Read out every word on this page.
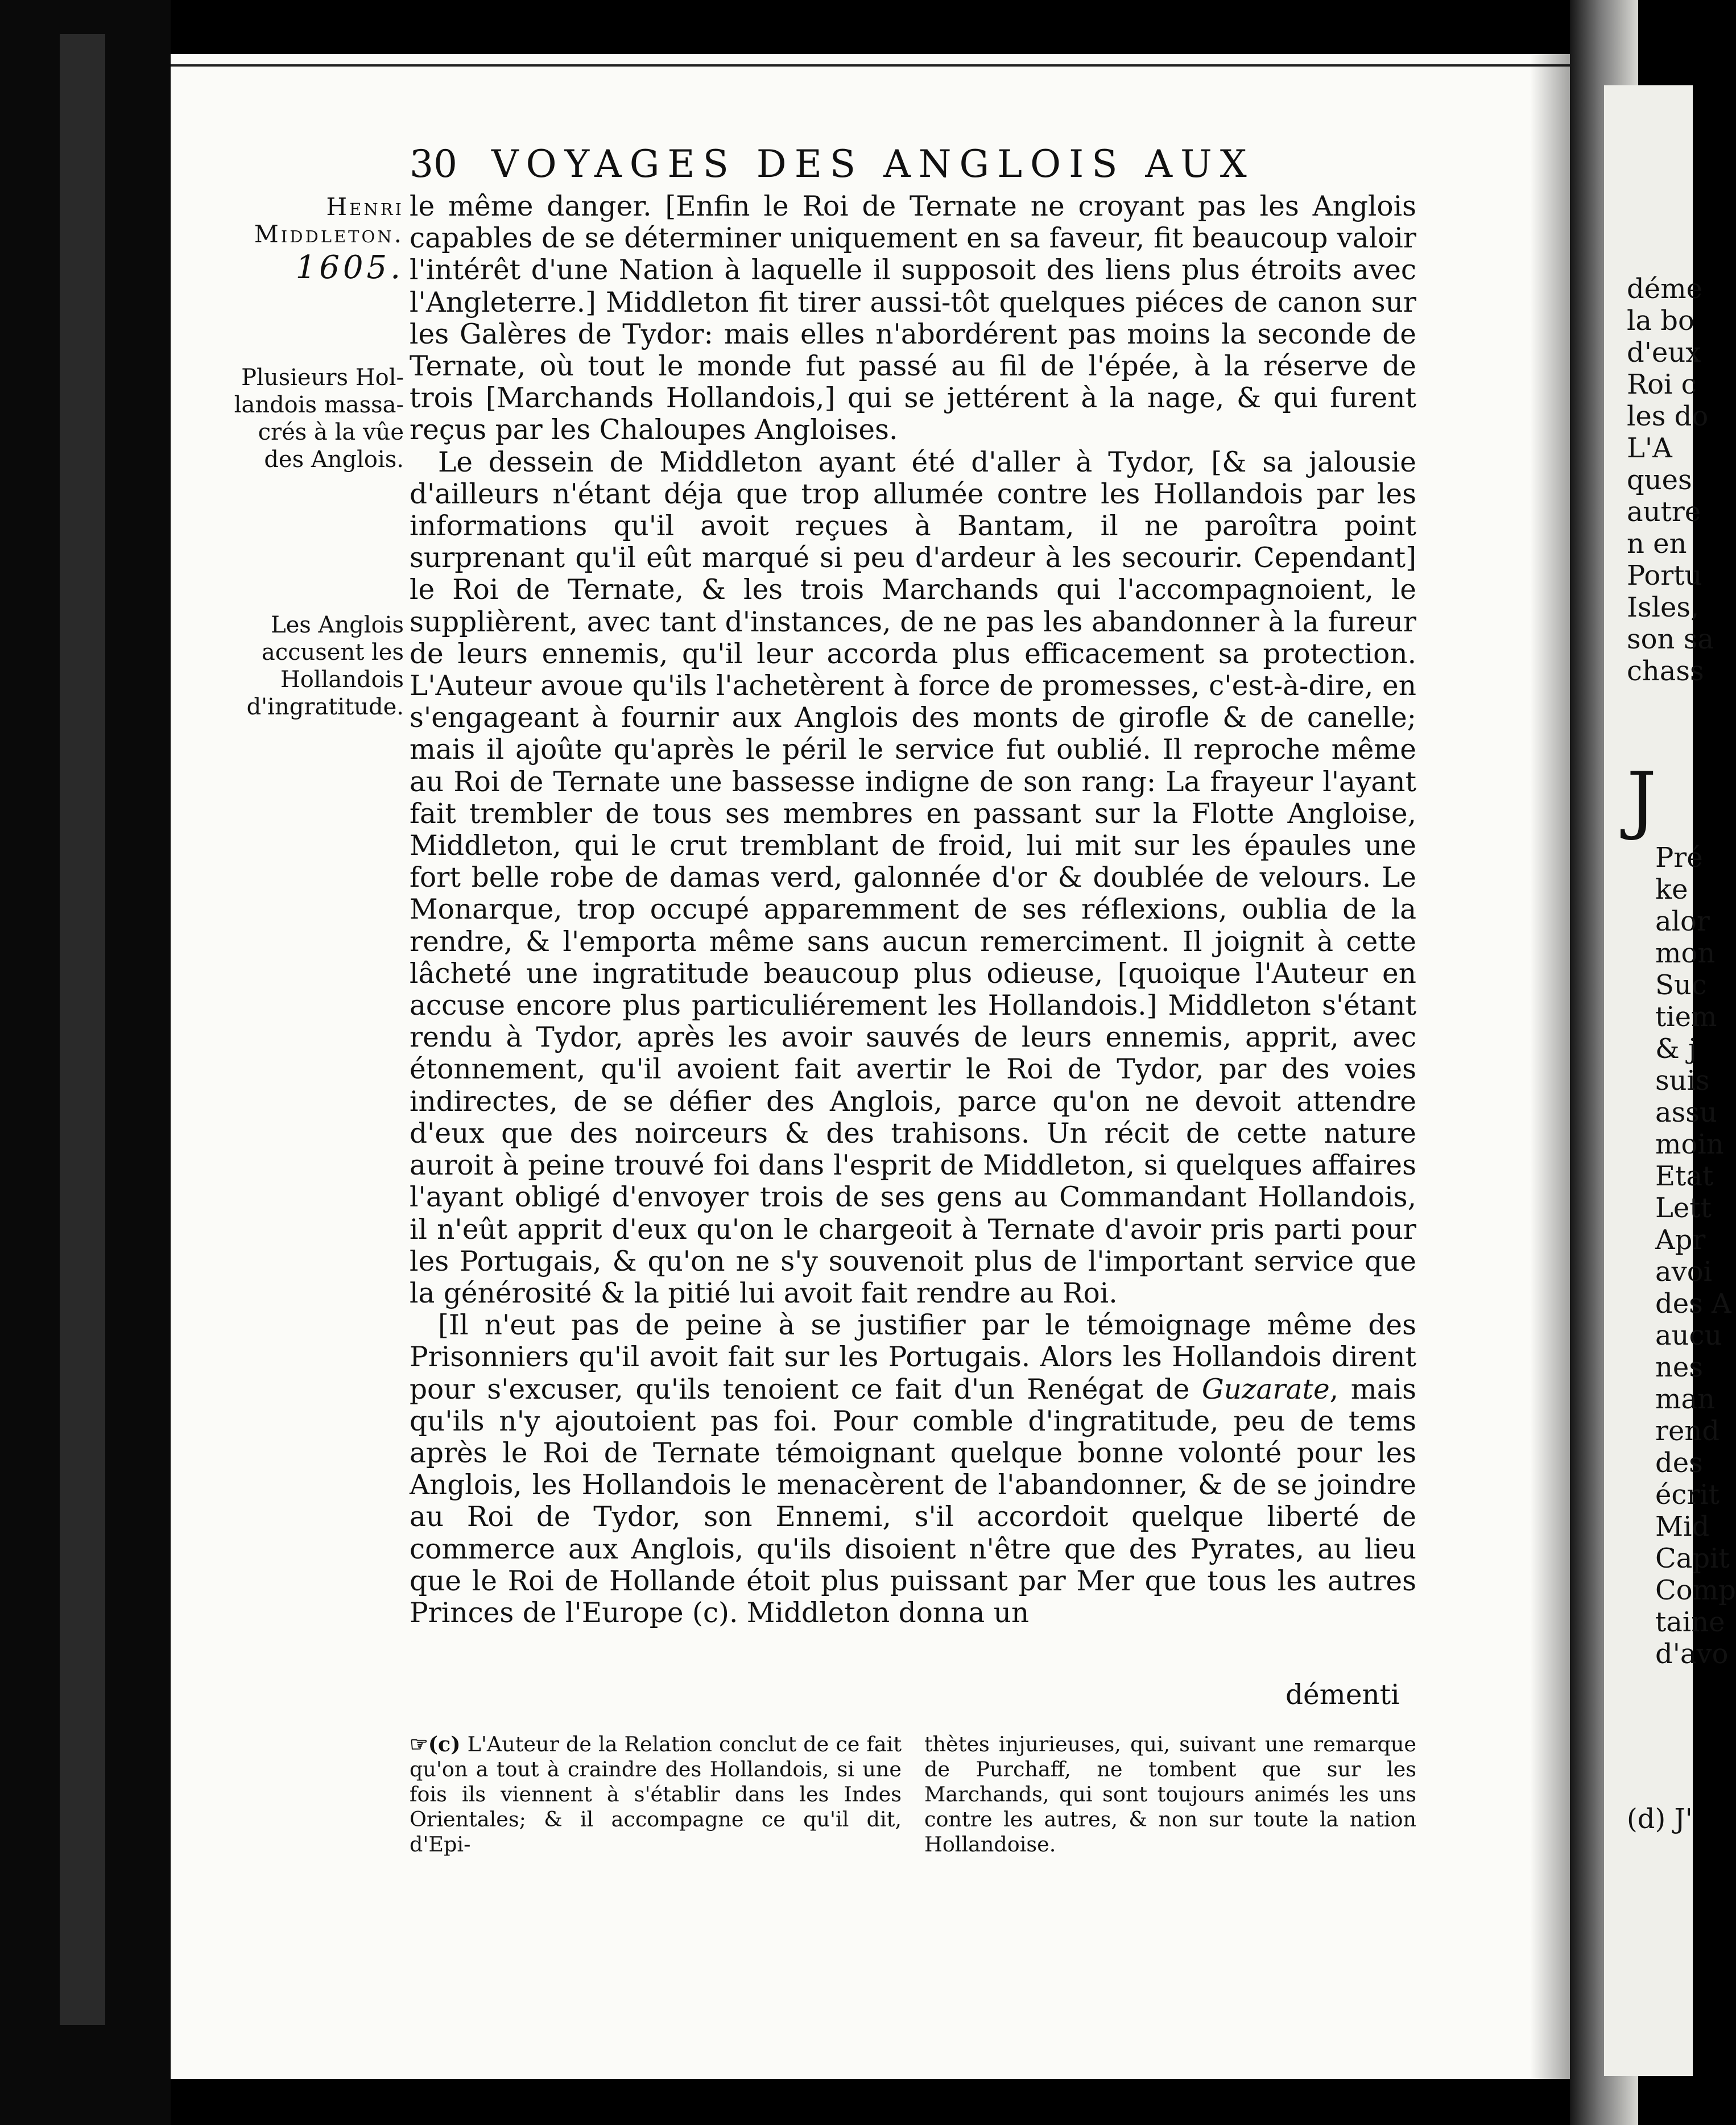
30 VOYAGES DES ANGLOIS AUX
Henri
Middleton.
1605.
Plusieurs Hol-
landois massa-
crés à la vûe
des Anglois.
Les Anglois
accusent les
Hollandois
d'ingratitude.

le même danger. [Enfin le Roi de Ternate ne croyant pas les Anglois capables de se déterminer uniquement en sa faveur, fit beaucoup valoir l'intérêt d'une Nation à laquelle il supposoit des liens plus étroits avec l'Angleterre.] Middleton fit tirer aussi-tôt quelques piéces de canon sur les Galères de Tydor: mais elles n'abordérent pas moins la seconde de Ternate, où tout le monde fut passé au fil de l'épée, à la réserve de trois [Marchands Hollandois,] qui se jettérent à la nage, & qui furent reçus par les Chaloupes Angloises.

Le dessein de Middleton ayant été d'aller à Tydor, [& sa jalousie d'ailleurs n'étant déja que trop allumée contre les Hollandois par les informations qu'il avoit reçues à Bantam, il ne paroîtra point surprenant qu'il eût marqué si peu d'ardeur à les secourir. Cependant] le Roi de Ternate, & les trois Marchands qui l'accompagnoient, le supplièrent, avec tant d'instances, de ne pas les abandonner à la fureur de leurs ennemis, qu'il leur accorda plus efficacement sa protection. L'Auteur avoue qu'ils l'achetèrent à force de promesses, c'est-à-dire, en s'engageant à fournir aux Anglois des monts de girofle & de canelle; mais il ajoûte qu'après le péril le service fut oublié. Il reproche même au Roi de Ternate une bassesse indigne de son rang: La frayeur l'ayant fait trembler de tous ses membres en passant sur la Flotte Angloise, Middleton, qui le crut tremblant de froid, lui mit sur les épaules une fort belle robe de damas verd, galonnée d'or & doublée de velours. Le Monarque, trop occupé apparemment de ses réflexions, oublia de la rendre, & l'emporta même sans aucun remerciment. Il joignit à cette lâcheté une ingratitude beaucoup plus odieuse, [quoique l'Auteur en accuse encore plus particuliérement les Hollandois.] Middleton s'étant rendu à Tydor, après les avoir sauvés de leurs ennemis, apprit, avec étonnement, qu'il avoient fait avertir le Roi de Tydor, par des voies indirectes, de se défier des Anglois, parce qu'on ne devoit attendre d'eux que des noirceurs & des trahisons. Un récit de cette nature auroit à peine trouvé foi dans l'esprit de Middleton, si quelques affaires l'ayant obligé d'envoyer trois de ses gens au Commandant Hollandois, il n'eût apprit d'eux qu'on le chargeoit à Ternate d'avoir pris parti pour les Portugais, & qu'on ne s'y souvenoit plus de l'important service que la générosité & la pitié lui avoit fait rendre au Roi.

[Il n'eut pas de peine à se justifier par le témoignage même des Prisonniers qu'il avoit fait sur les Portugais. Alors les Hollandois dirent pour s'excuser, qu'ils tenoient ce fait d'un Renégat de Guzarate, mais qu'ils n'y ajoutoient pas foi. Pour comble d'ingratitude, peu de tems après le Roi de Ternate témoignant quelque bonne volonté pour les Anglois, les Hollandois le menacèrent de l'abandonner, & de se joindre au Roi de Tydor, son Ennemi, s'il accordoit quelque liberté de commerce aux Anglois, qu'ils disoient n'être que des Pyrates, au lieu que le Roi de Hollande étoit plus puissant par Mer que tous les autres Princes de l'Europe (c). Middleton donna un

démenti
☞(c) L'Auteur de la Relation conclut de ce fait qu'on a tout à craindre des Hollandois, si une fois ils viennent à s'établir dans les Indes Orientales; & il accompagne ce qu'il dit, d'Epi-
thètes injurieuses, qui, suivant une remarque de Purchaff, ne tombent que sur les Marchands, qui sont toujours animés les uns contre les autres, & non sur toute la nation Hollandoise.
déme
la bo
d'eux
Roi c
les do
L'A
ques
autre
n en
Portu
Isles,
son sa
chass
J
Pré
ke
alor
mon
Suc
tiem
& j
suis
assu
moin
Etat
Lett
Apr
avoi
des A
aucu
nes
man
rend
des
écrit
Mid
Capit
Comp
taine
d'avo
(d) J'
